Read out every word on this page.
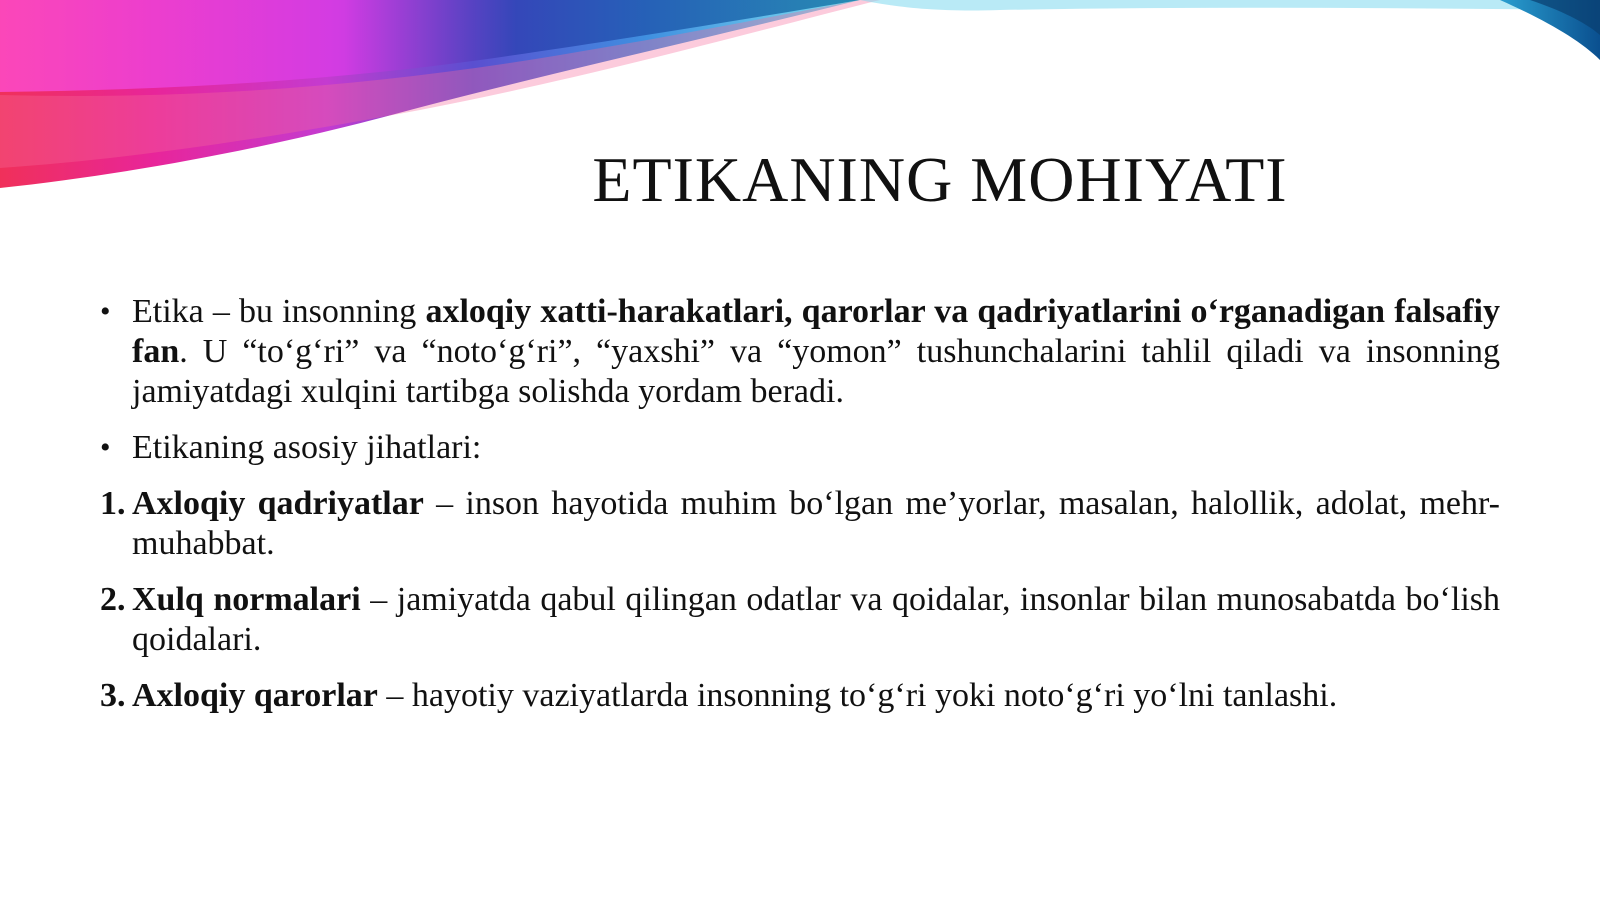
ETIKANING MOHIYATI
• Etika – bu insonning axloqiy xatti-harakatlari, qarorlar va qadriyatlarini o‘rganadigan falsafiy fan. U “to‘g‘ri” va “noto‘g‘ri”, “yaxshi” va “yomon” tushunchalarini tahlil qiladi va insonning jamiyatdagi xulqini tartibga solishda yordam beradi.
• Etikaning asosiy jihatlari:
1. Axloqiy qadriyatlar – inson hayotida muhim bo‘lgan me’yorlar, masalan, halollik, adolat, mehr-muhabbat.
2. Xulq normalari – jamiyatda qabul qilingan odatlar va qoidalar, insonlar bilan munosabatda bo‘lish qoidalari.
3. Axloqiy qarorlar – hayotiy vaziyatlarda insonning to‘g‘ri yoki noto‘g‘ri yo‘lni tanlashi.
